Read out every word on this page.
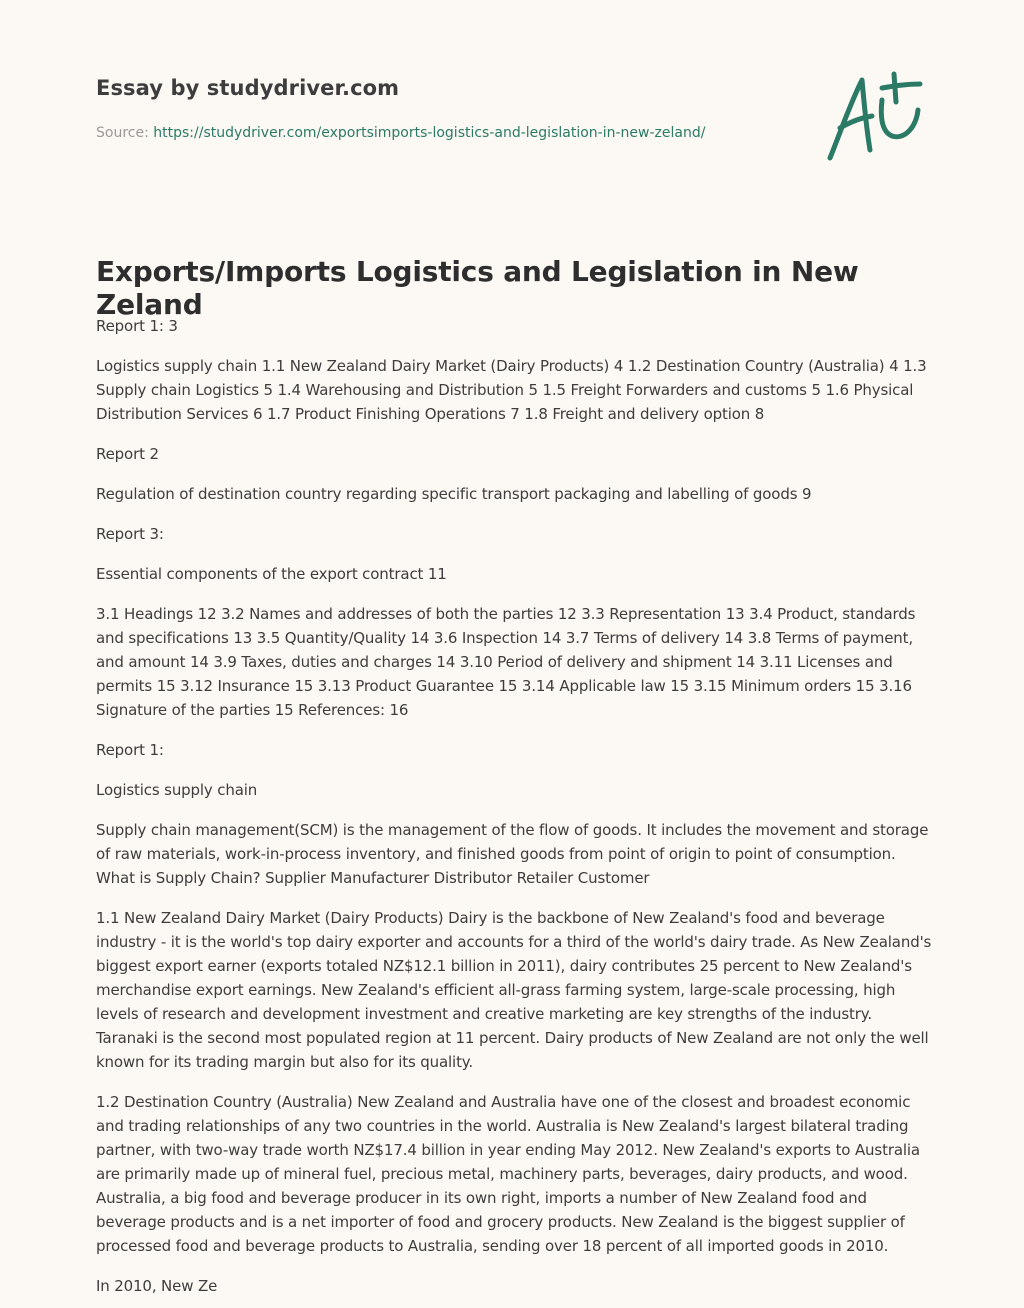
Essay by studydriver.com
Source: https://studydriver.com/exportsimports-logistics-and-legislation-in-new-zeland/
Exports/Imports Logistics and Legislation in New Zeland

Report 1: 3

Logistics supply chain 1.1 New Zealand Dairy Market (Dairy Products) 4 1.2 Destination Country (Australia) 4 1.3 Supply chain Logistics 5 1.4 Warehousing and Distribution 5 1.5 Freight Forwarders and customs 5 1.6 Physical Distribution Services 6 1.7 Product Finishing Operations 7 1.8 Freight and delivery option 8

Report 2

Regulation of destination country regarding specific transport packaging and labelling of goods 9

Report 3:

Essential components of the export contract 11

3.1 Headings 12 3.2 Names and addresses of both the parties 12 3.3 Representation 13 3.4 Product, standards and specifications 13 3.5 Quantity/Quality 14 3.6 Inspection 14 3.7 Terms of delivery 14 3.8 Terms of payment, and amount 14 3.9 Taxes, duties and charges 14 3.10 Period of delivery and shipment 14 3.11 Licenses and permits 15 3.12 Insurance 15 3.13 Product Guarantee 15 3.14 Applicable law 15 3.15 Minimum orders 15 3.16 Signature of the parties 15 References: 16

Report 1:

Logistics supply chain

Supply chain management(SCM) is the management of the flow of goods. It includes the movement and storage of raw materials, work-in-process inventory, and finished goods from point of origin to point of consumption. What is Supply Chain? Supplier Manufacturer Distributor Retailer Customer

1.1 New Zealand Dairy Market (Dairy Products) Dairy is the backbone of New Zealand's food and beverage industry - it is the world's top dairy exporter and accounts for a third of the world's dairy trade. As New Zealand's biggest export earner (exports totaled NZ$12.1 billion in 2011), dairy contributes 25 percent to New Zealand's merchandise export earnings. New Zealand's efficient all-grass farming system, large-scale processing, high levels of research and development investment and creative marketing are key strengths of the industry. Taranaki is the second most populated region at 11 percent. Dairy products of New Zealand are not only the well known for its trading margin but also for its quality.

1.2 Destination Country (Australia) New Zealand and Australia have one of the closest and broadest economic and trading relationships of any two countries in the world. Australia is New Zealand's largest bilateral trading partner, with two-way trade worth NZ$17.4 billion in year ending May 2012. New Zealand's exports to Australia are primarily made up of mineral fuel, precious metal, machinery parts, beverages, dairy products, and wood. Australia, a big food and beverage producer in its own right, imports a number of New Zealand food and beverage products and is a net importer of food and grocery products. New Zealand is the biggest supplier of processed food and beverage products to Australia, sending over 18 percent of all imported goods in 2010.

In 2010, New Ze
